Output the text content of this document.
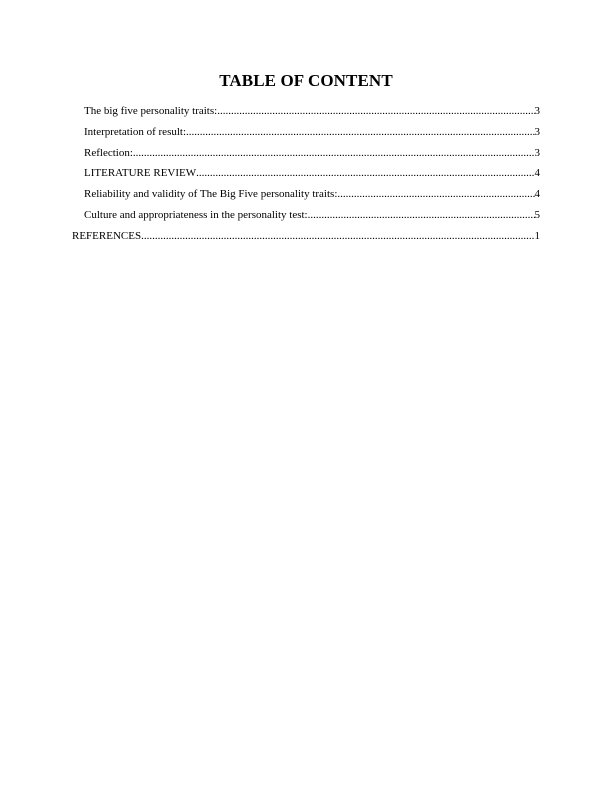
TABLE OF CONTENT
The big five personality traits: .....	3
Interpretation of result: .....	3
Reflection: .....	3
LITERATURE REVIEW .....	4
Reliability and validity of The Big Five personality traits: .....	4
Culture and appropriateness in the personality test: .....	5
REFERENCES .....	1
